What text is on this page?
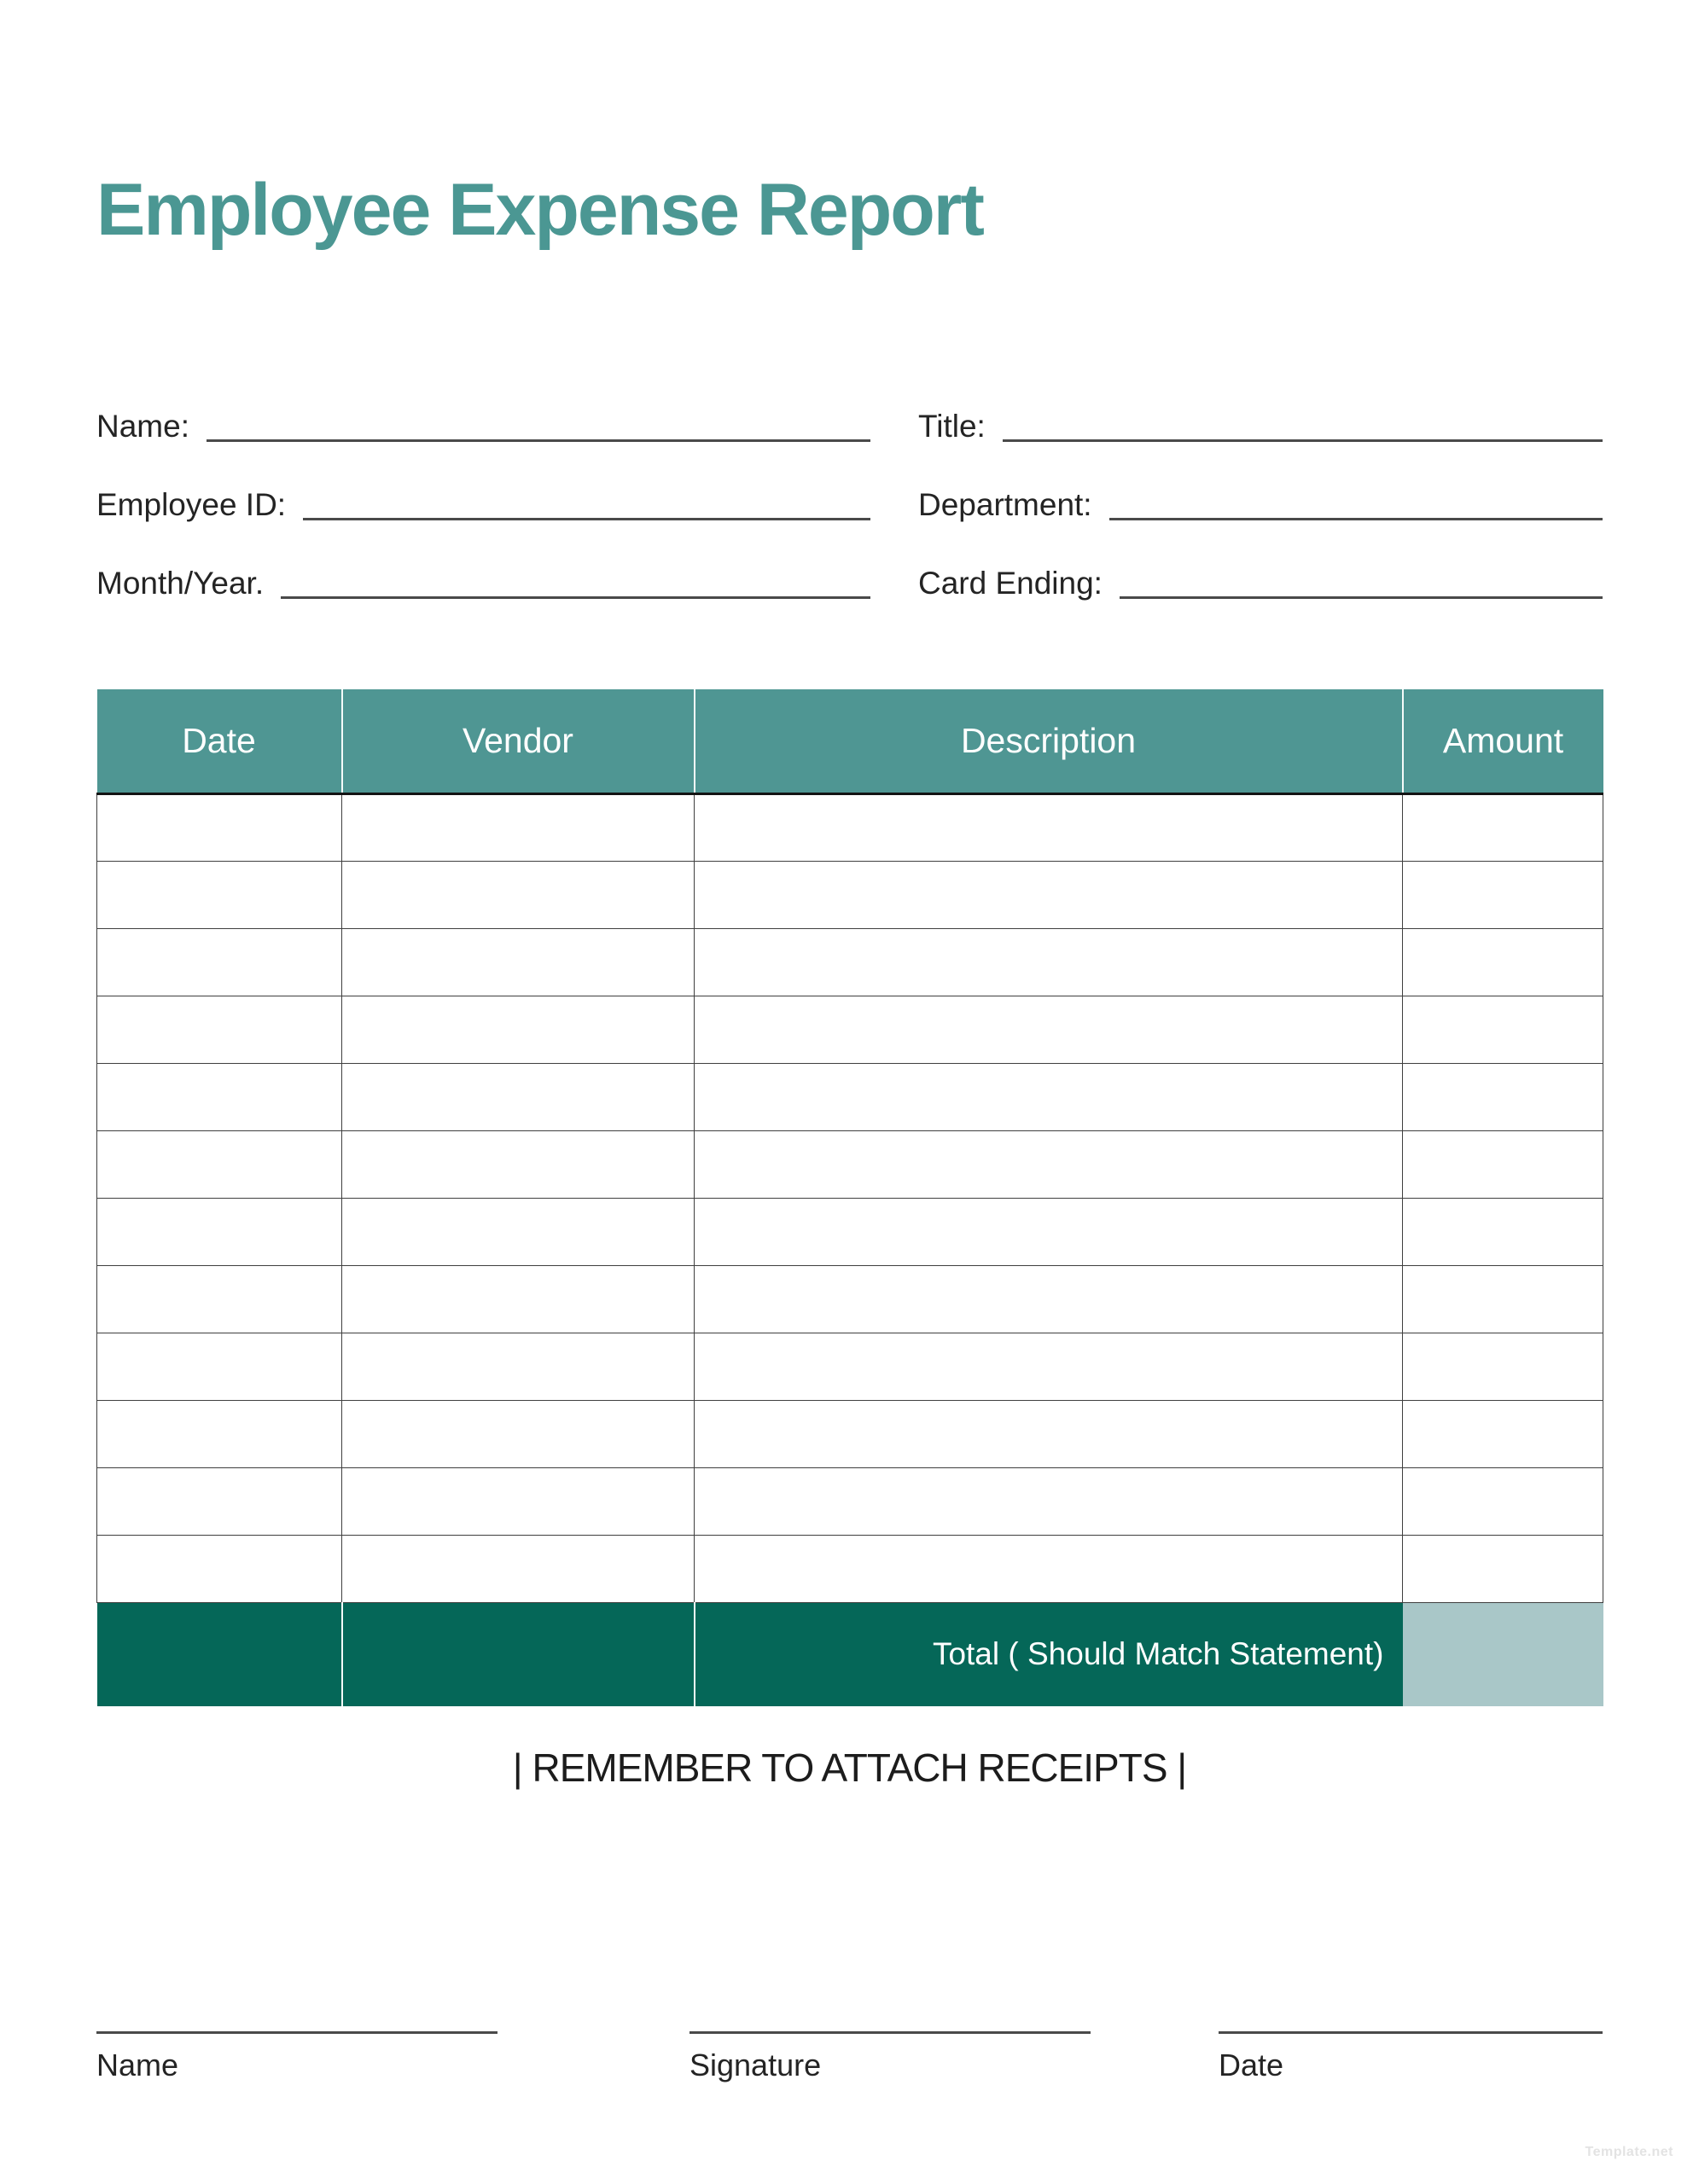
Employee Expense Report
Name:
Employee ID:
Month/Year.
Title:
Department:
Card Ending:
Date	Vendor	Description	Amount

		Total ( Should Match Statement)	
| REMEMBER TO ATTACH RECEIPTS |
Name	Signature	Date
Template.net
